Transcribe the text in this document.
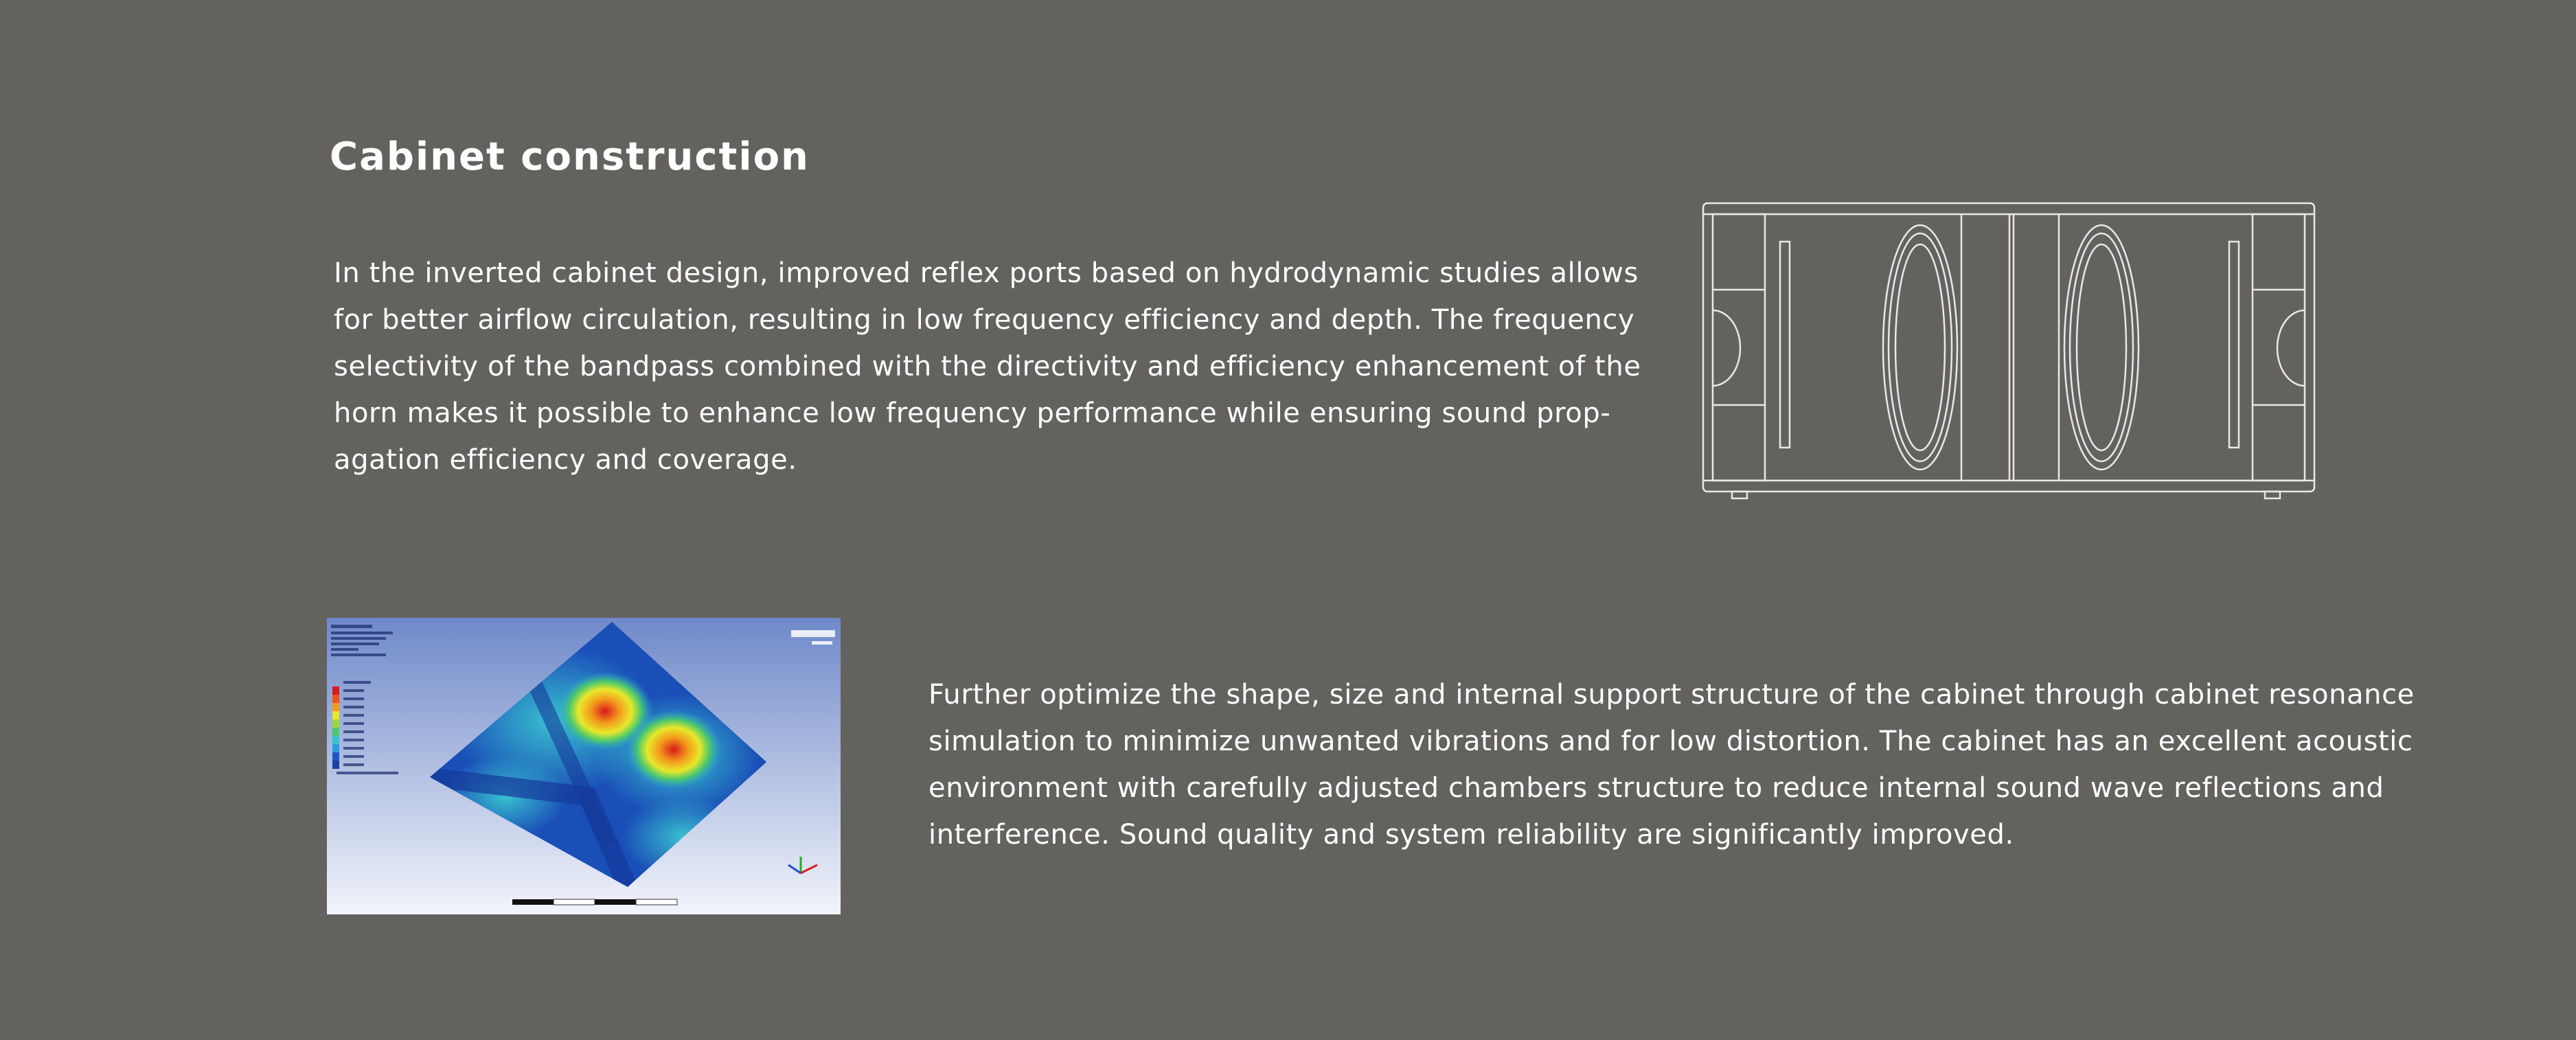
Cabinet construction

In the inverted cabinet design, improved reflex ports based on hydrodynamic studies allows
for better airflow circulation, resulting in low frequency efficiency and depth. The frequency
selectivity of the bandpass combined with the directivity and efficiency enhancement of the
horn makes it possible to enhance low frequency performance while ensuring sound prop-
agation efficiency and coverage.

Further optimize the shape, size and internal support structure of the cabinet through cabinet resonance
simulation to minimize unwanted vibrations and for low distortion. The cabinet has an excellent acoustic
environment with carefully adjusted chambers structure to reduce internal sound wave reflections and
interference. Sound quality and system reliability are significantly improved.
